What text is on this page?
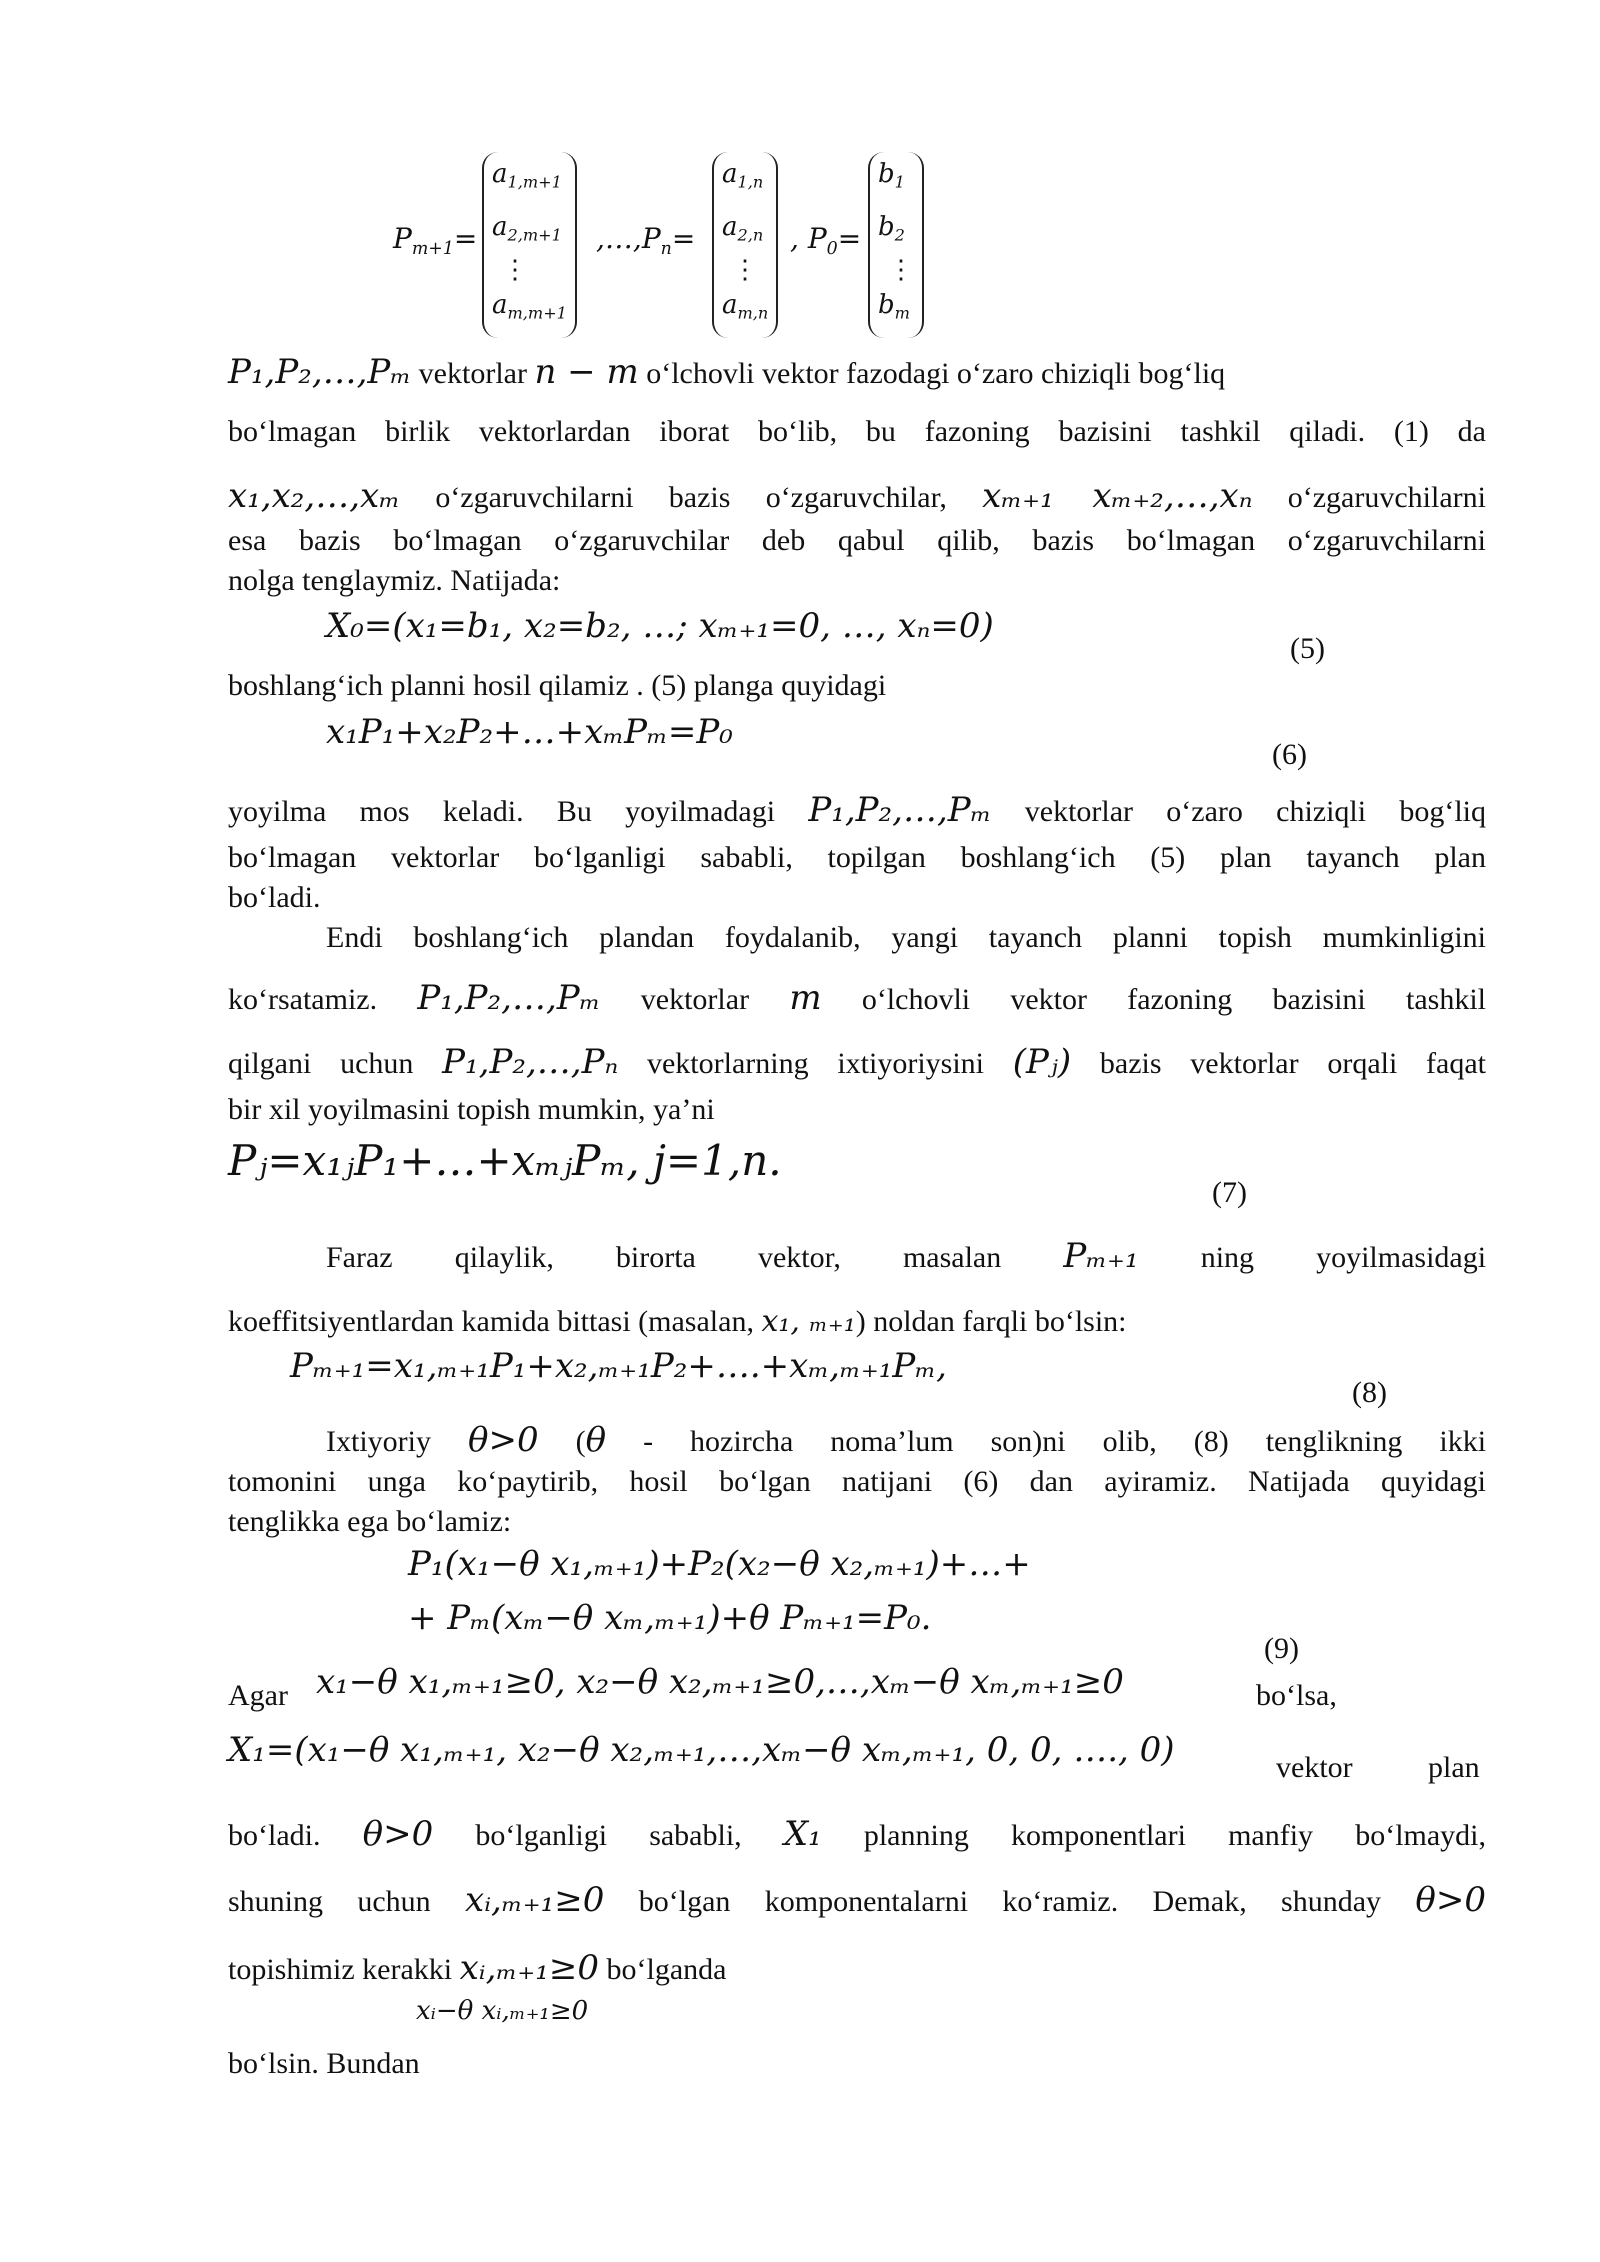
$P_{m+1}=$
$a_{1,m+1}$
$a_{2,m+1}$
⋮
$a_{m,m+1}$
$,\dots,P_n=$
$a_{1,n}$
$a_{2,n}$
⋮
$a_{m,n}$
, $P_0=$
$b_1$
$b_2$
⋮
$b_m$
P₁,P₂,…,Pₘ vektorlar n − m o‘lchovli vektor fazodagi o‘zaro chiziqli bog‘liq
bo‘lmagan birlik vektorlardan iborat bo‘lib, bu fazoning bazisini tashkil qiladi. (1) da
x₁,x₂,…,xₘ o‘zgaruvchilarni bazis o‘zgaruvchilar, xₘ₊₁ xₘ₊₂,…,xₙ o‘zgaruvchilarni
esa bazis bo‘lmagan o‘zgaruvchilar deb qabul qilib, bazis bo‘lmagan o‘zgaruvchilarni
nolga tenglaymiz. Natijada:
X₀=(x₁=b₁, x₂=b₂, …; xₘ₊₁=0, …, xₙ=0)
(5)
boshlang‘ich planni hosil qilamiz . (5) planga quyidagi
x₁P₁+x₂P₂+…+xₘPₘ=P₀
(6)
yoyilma mos keladi. Bu yoyilmadagi P₁,P₂,…,Pₘ vektorlar o‘zaro chiziqli bog‘liq
bo‘lmagan vektorlar bo‘lganligi sababli, topilgan boshlang‘ich (5) plan tayanch plan
bo‘ladi.
Endi boshlang‘ich plandan foydalanib, yangi tayanch planni topish mumkinligini
ko‘rsatamiz. P₁,P₂,…,Pₘ vektorlar m o‘lchovli vektor fazoning bazisini tashkil
qilgani uchun P₁,P₂,…,Pₙ vektorlarning ixtiyoriysini (Pⱼ) bazis vektorlar orqali faqat
bir xil yoyilmasini topish mumkin, ya’ni
Pⱼ=x₁ⱼP₁+…+xₘⱼPₘ, j=1,n.
(7)
Faraz qilaylik, birorta vektor, masalan Pₘ₊₁ ning yoyilmasidagi
koeffitsiyentlardan kamida bittasi (masalan, x₁, ₘ₊₁) noldan farqli bo‘lsin:
Pₘ₊₁=x₁,ₘ₊₁P₁+x₂,ₘ₊₁P₂+….+xₘ,ₘ₊₁Pₘ,
(8)
Ixtiyoriy θ>0 (θ - hozircha noma’lum son)ni olib, (8) tenglikning ikki
tomonini unga ko‘paytirib, hosil bo‘lgan natijani (6) dan ayiramiz. Natijada quyidagi
tenglikka ega bo‘lamiz:
P₁(x₁−θ x₁,ₘ₊₁)+P₂(x₂−θ x₂,ₘ₊₁)+…+
+ Pₘ(xₘ−θ xₘ,ₘ₊₁)+θ Pₘ₊₁=P₀.
(9)
Agar x₁−θ x₁,ₘ₊₁≥0, x₂−θ x₂,ₘ₊₁≥0,…,xₘ−θ xₘ,ₘ₊₁≥0	bo‘lsa,
X₁=(x₁−θ x₁,ₘ₊₁, x₂−θ x₂,ₘ₊₁,…,xₘ−θ xₘ,ₘ₊₁, 0, 0, …., 0)	vektor	plan
bo‘ladi. θ>0 bo‘lganligi sababli, X₁ planning komponentlari manfiy bo‘lmaydi,
shuning uchun xᵢ,ₘ₊₁≥0 bo‘lgan komponentalarni ko‘ramiz. Demak, shunday θ>0
topishimiz kerakki xᵢ,ₘ₊₁≥0 bo‘lganda
xᵢ−θ xᵢ,ₘ₊₁≥0
bo‘lsin. Bundan
